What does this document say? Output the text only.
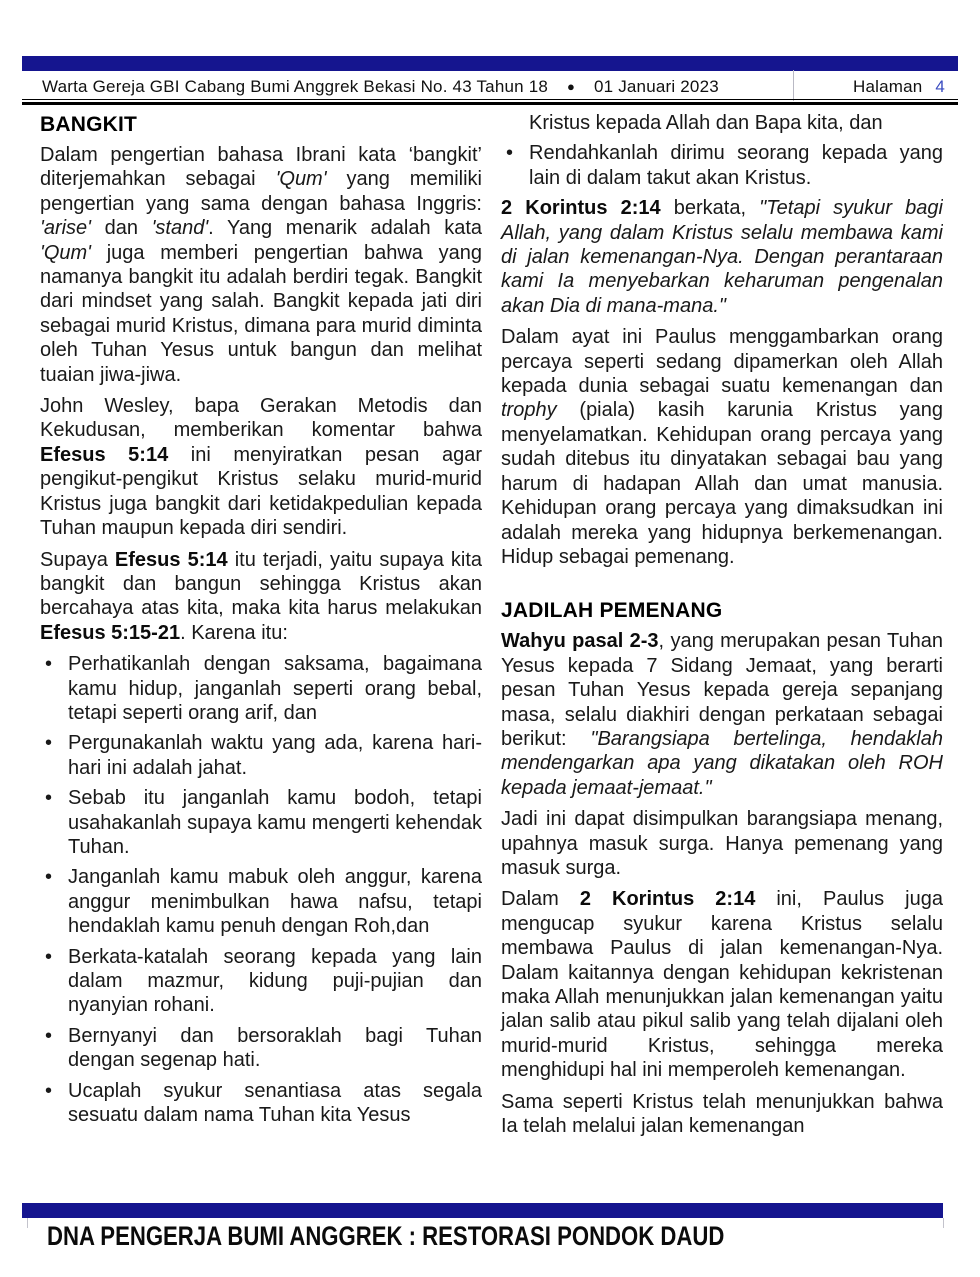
Warta Gereja GBI Cabang Bumi Anggrek Bekasi No. 43 Tahun 18 ● 01 Januari 2023	Halaman 4
BANGKIT

Dalam pengertian bahasa Ibrani kata ‘bangkit’ diterjemahkan sebagai 'Qum' yang memiliki pengertian yang sama dengan bahasa Inggris: 'arise' dan 'stand'. Yang menarik adalah kata 'Qum' juga memberi pengertian bahwa yang namanya bangkit itu adalah berdiri tegak. Bangkit dari mindset yang salah. Bangkit kepada jati diri sebagai murid Kristus, dimana para murid diminta oleh Tuhan Yesus untuk bangun dan melihat tuaian jiwa-jiwa.

John Wesley, bapa Gerakan Metodis dan Kekudusan, memberikan komentar bahwa Efesus 5:14 ini menyiratkan pesan agar pengikut-pengikut Kristus selaku murid-murid Kristus juga bangkit dari ketidakpedulian kepada Tuhan maupun kepada diri sendiri.

Supaya Efesus 5:14 itu terjadi, yaitu supaya kita bangkit dan bangun sehingga Kristus akan bercahaya atas kita, maka kita harus melakukan Efesus 5:15-21. Karena itu:

• Perhatikanlah dengan saksama, bagaimana kamu hidup, janganlah seperti orang bebal, tetapi seperti orang arif, dan
• Pergunakanlah waktu yang ada, karena hari-hari ini adalah jahat.
• Sebab itu janganlah kamu bodoh, tetapi usahakanlah supaya kamu mengerti kehendak Tuhan.
• Janganlah kamu mabuk oleh anggur, karena anggur menimbulkan hawa nafsu, tetapi hendaklah kamu penuh dengan Roh,dan
• Berkata-katalah seorang kepada yang lain dalam mazmur, kidung puji-pujian dan nyanyian rohani.
• Bernyanyi dan bersoraklah bagi Tuhan dengan segenap hati.
• Ucaplah syukur senantiasa atas segala sesuatu dalam nama Tuhan kita Yesus
Kristus kepada Allah dan Bapa kita, dan
• Rendahkanlah dirimu seorang kepada yang lain di dalam takut akan Kristus.

2 Korintus 2:14 berkata, "Tetapi syukur bagi Allah, yang dalam Kristus selalu membawa kami di jalan kemenangan-Nya. Dengan perantaraan kami Ia menyebarkan keharuman pengenalan akan Dia di mana-mana."

Dalam ayat ini Paulus menggambarkan orang percaya seperti sedang dipamerkan oleh Allah kepada dunia sebagai suatu kemenangan dan trophy (piala) kasih karunia Kristus yang menyelamatkan. Kehidupan orang percaya yang sudah ditebus itu dinyatakan sebagai bau yang harum di hadapan Allah dan umat manusia. Kehidupan orang percaya yang dimaksudkan ini adalah mereka yang hidupnya berkemenangan. Hidup sebagai pemenang.

JADILAH PEMENANG

Wahyu pasal 2-3, yang merupakan pesan Tuhan Yesus kepada 7 Sidang Jemaat, yang berarti pesan Tuhan Yesus kepada gereja sepanjang masa, selalu diakhiri dengan perkataan sebagai berikut: "Barangsiapa bertelinga, hendaklah mendengarkan apa yang dikatakan oleh ROH kepada jemaat-jemaat."

Jadi ini dapat disimpulkan barangsiapa menang, upahnya masuk surga. Hanya pemenang yang masuk surga.

Dalam 2 Korintus 2:14 ini, Paulus juga mengucap syukur karena Kristus selalu membawa Paulus di jalan kemenangan-Nya. Dalam kaitannya dengan kehidupan kekristenan maka Allah menunjukkan jalan kemenangan yaitu jalan salib atau pikul salib yang telah dijalani oleh murid-murid Kristus, sehingga mereka menghidupi hal ini memperoleh kemenangan.

Sama seperti Kristus telah menunjukkan bahwa Ia telah melalui jalan kemenangan

DNA PENGERJA BUMI ANGGREK : RESTORASI PONDOK DAUD
